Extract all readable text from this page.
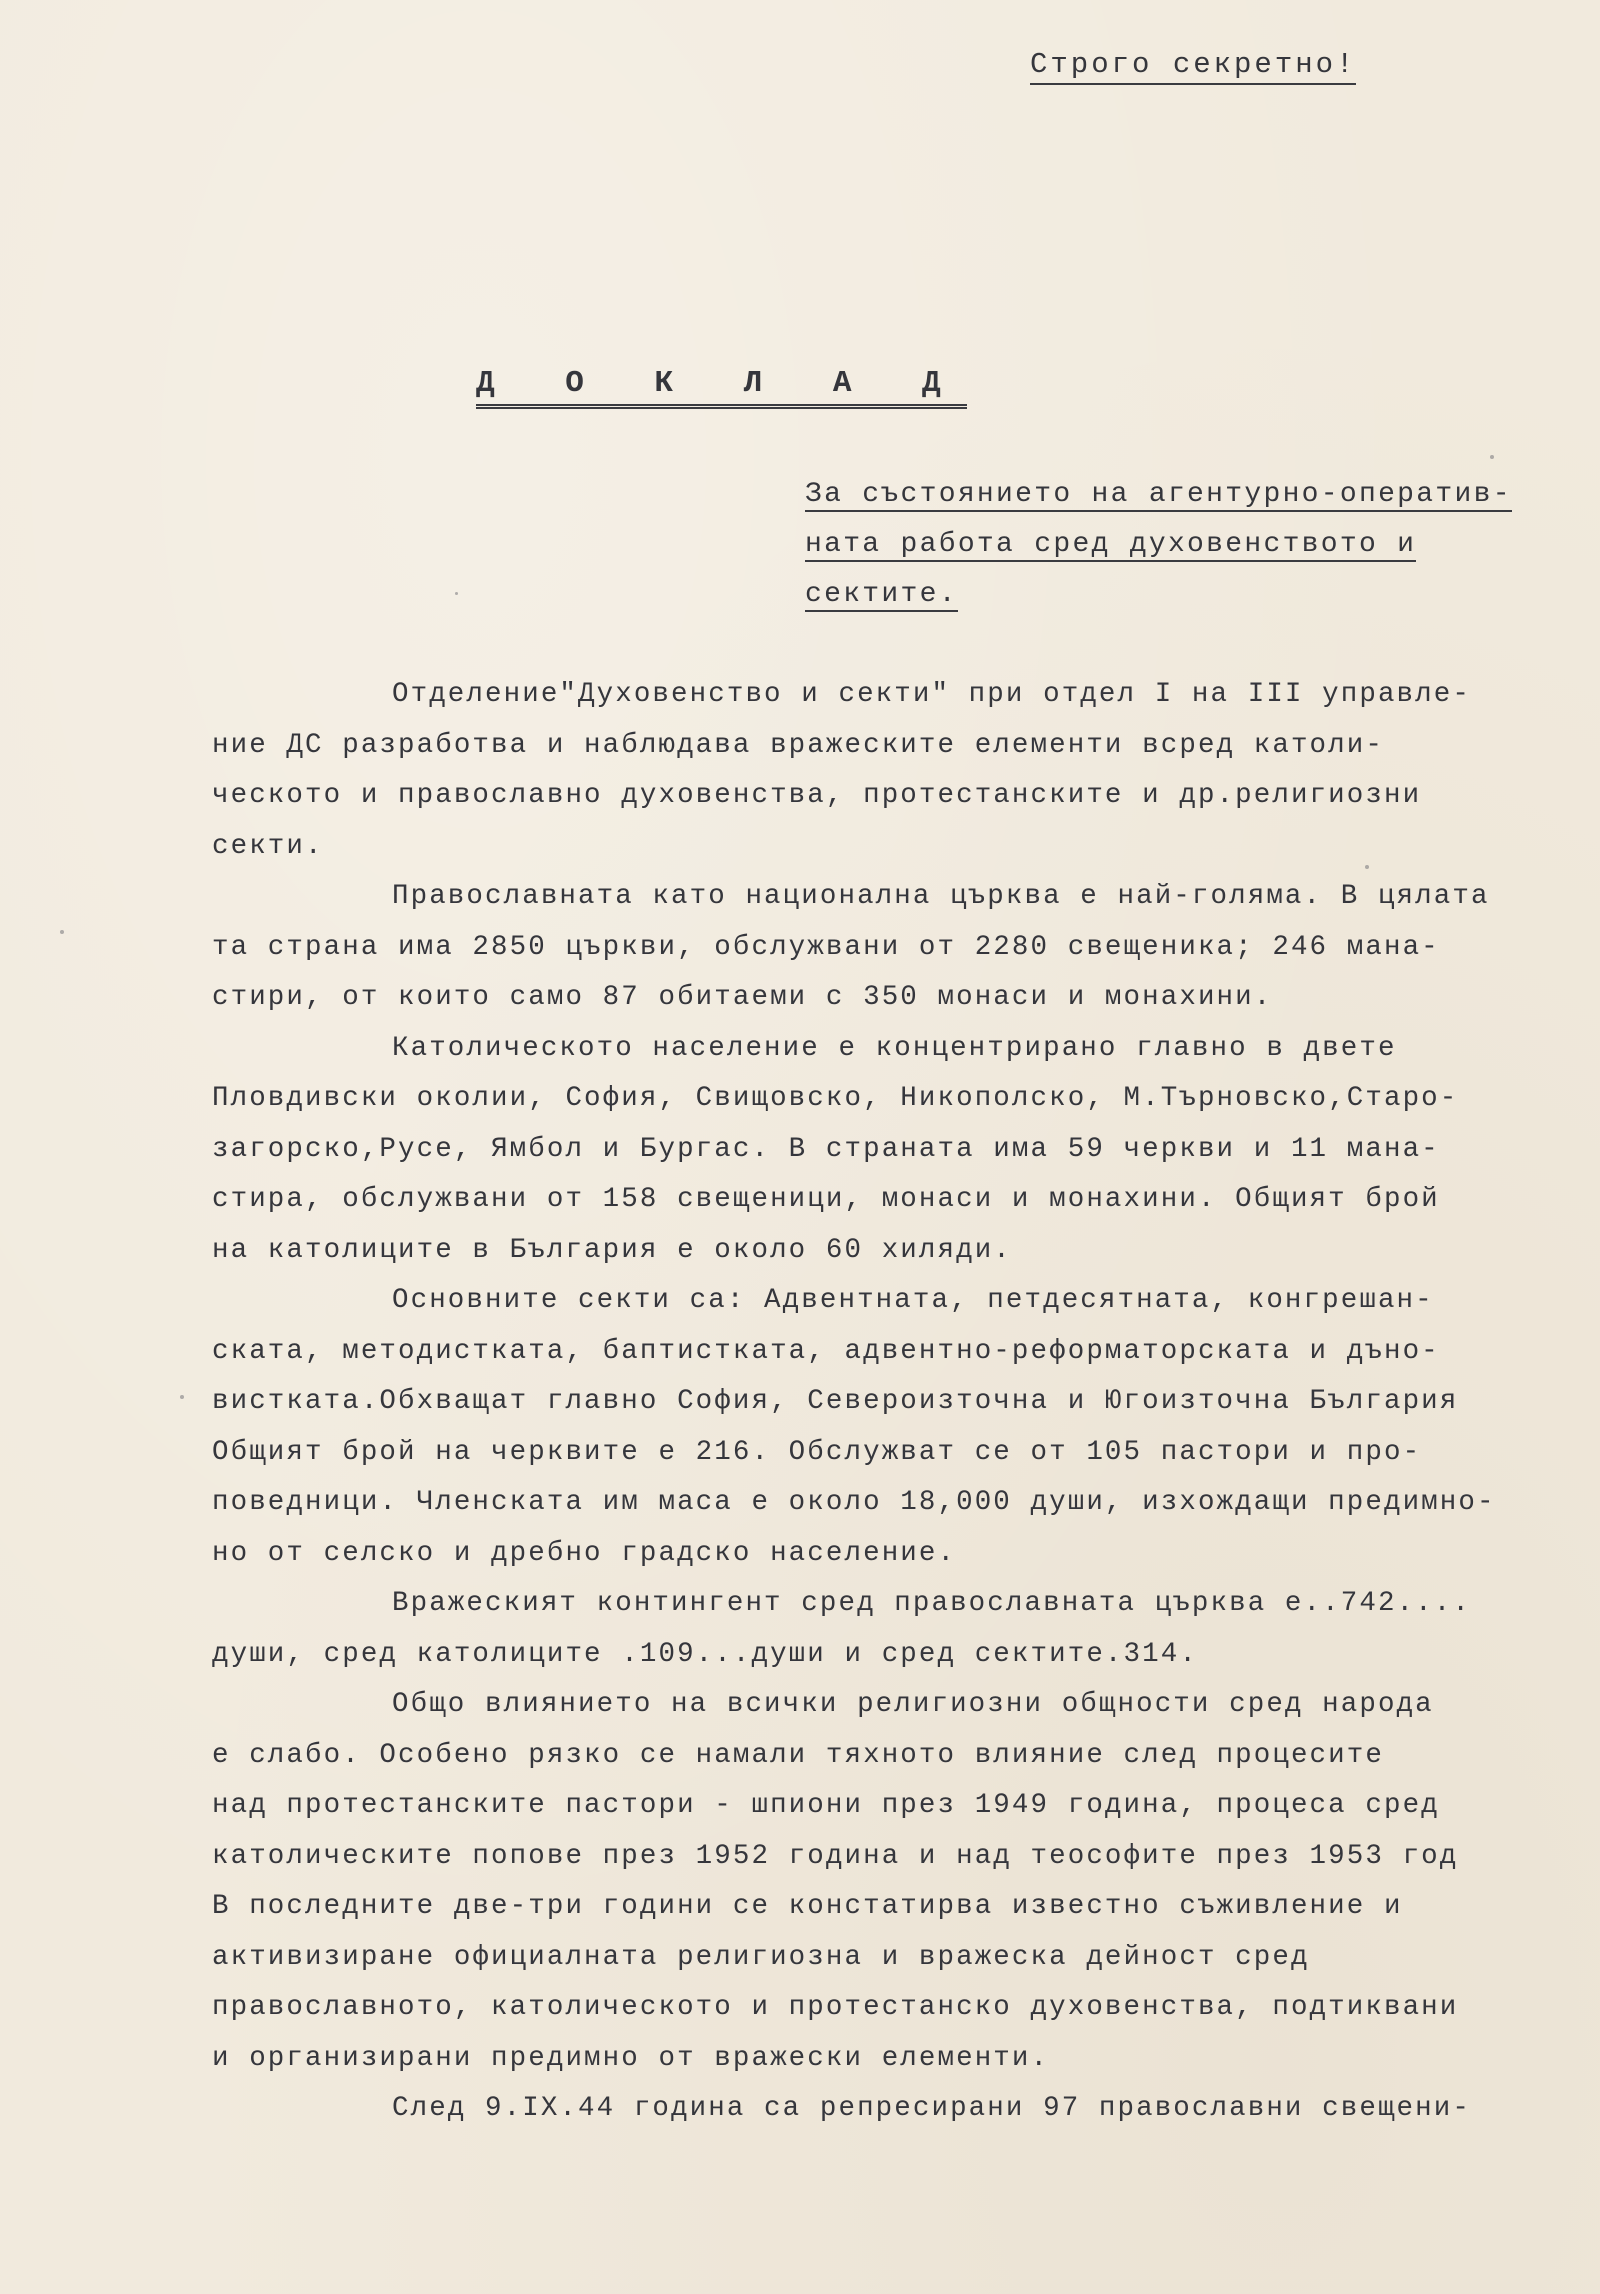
Строго секретно!
Д О К Л А Д
За състоянието на агентурно-оператив-
ната работа сред духовенството и
сектите.
Отделение"Духовенство и секти" при отдел I на III управле-
ние ДС разработва и наблюдава вражеските елементи всред католи-
ческото и православно духовенства, протестанските и др.религиозни
секти.
Православната като национална църква е най-голяма. В цялата
та страна има 2850 църкви, обслужвани от 2280 свещеника; 246 мана-
стири, от които само 87 обитаеми с 350 монаси и монахини.
Католическото население е концентрирано главно в двете
Пловдивски околии, София, Свищовско, Никополско, М.Търновско,Старо-
загорско,Русе, Ямбол и Бургас. В страната има 59 черкви и 11 мана-
стира, обслужвани от 158 свещеници, монаси и монахини. Общият брой
на католиците в България е около 60 хиляди.
Основните секти са: Адвентната, петдесятната, конгрешан-
ската, методистката, баптистката, адвентно-реформаторската и дъно-
вистката.Обхващат главно София, Североизточна и Югоизточна България
Общият брой на черквите е 216. Обслужват се от 105 пастори и про-
поведници. Членската им маса е около 18,000 души, изхождащи предимно-
но от селско и дребно градско население.
Вражеският контингент сред православната църква е..742....
души, сред католиците .109...души и сред сектите.314.
Общо влиянието на всички религиозни общности сред народа
е слабо. Особено рязко се намали тяхното влияние след процесите
над протестанските пастори - шпиони през 1949 година, процеса сред
католическите попове през 1952 година и над теософите през 1953 год
В последните две-три години се констатирва известно съживление и
активизиране официалната религиозна и вражеска дейност сред
православното, католическото и протестанско духовенства, подтиквани
и организирани предимно от вражески елементи.
След 9.IX.44 година са репресирани 97 православни свещени-
